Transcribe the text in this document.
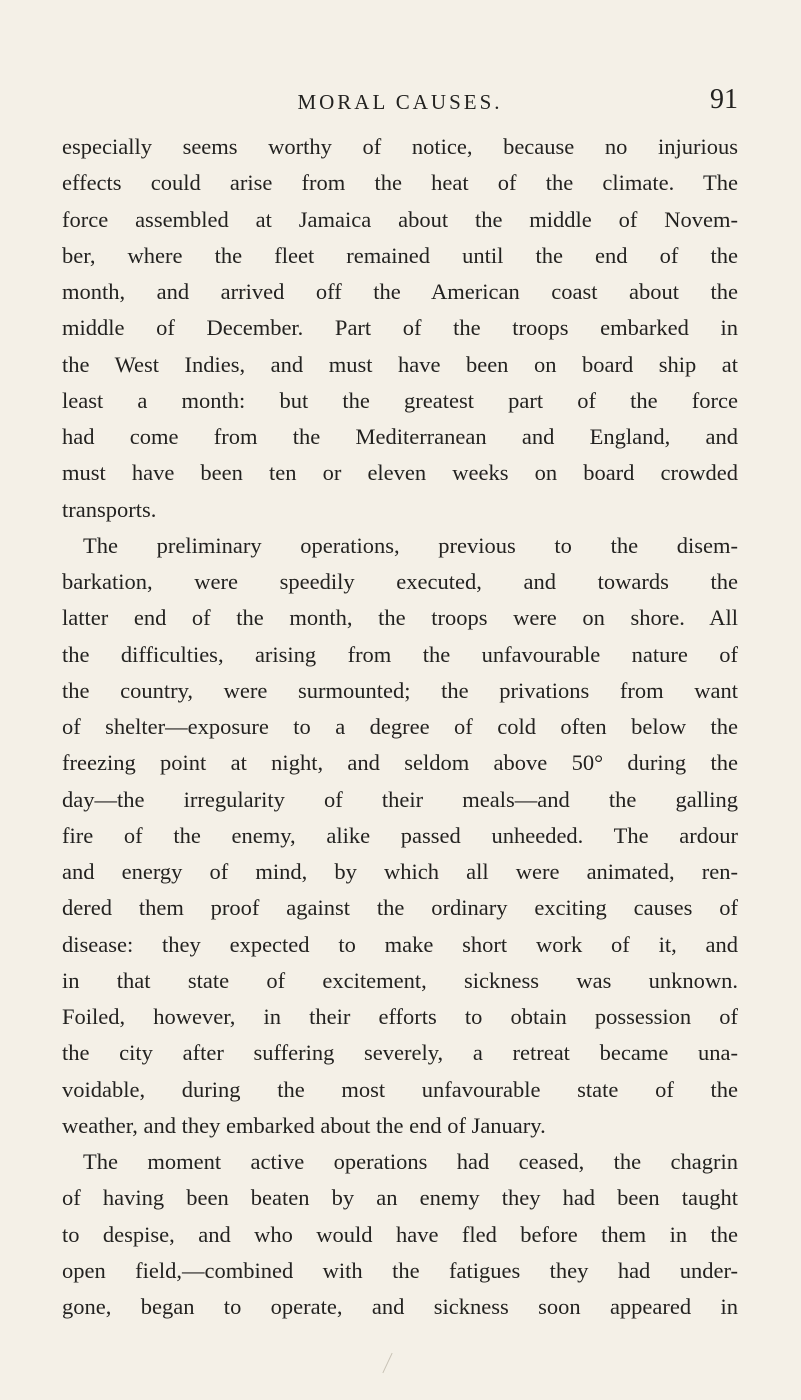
MORAL CAUSES.	91
especially seems worthy of notice, because no injurious
effects could arise from the heat of the climate. The
force assembled at Jamaica about the middle of Novem-
ber, where the fleet remained until the end of the
month, and arrived off the American coast about the
middle of December. Part of the troops embarked in
the West Indies, and must have been on board ship at
least a month: but the greatest part of the force
had come from the Mediterranean and England, and
must have been ten or eleven weeks on board crowded
transports.
The preliminary operations, previous to the disem-
barkation, were speedily executed, and towards the
latter end of the month, the troops were on shore. All
the difficulties, arising from the unfavourable nature of
the country, were surmounted; the privations from want
of shelter—exposure to a degree of cold often below the
freezing point at night, and seldom above 50° during the
day—the irregularity of their meals—and the galling
fire of the enemy, alike passed unheeded. The ardour
and energy of mind, by which all were animated, ren-
dered them proof against the ordinary exciting causes of
disease: they expected to make short work of it, and
in that state of excitement, sickness was unknown.
Foiled, however, in their efforts to obtain possession of
the city after suffering severely, a retreat became una-
voidable, during the most unfavourable state of the
weather, and they embarked about the end of January.
The moment active operations had ceased, the chagrin
of having been beaten by an enemy they had been taught
to despise, and who would have fled before them in the
open field,—combined with the fatigues they had under-
gone, began to operate, and sickness soon appeared in
